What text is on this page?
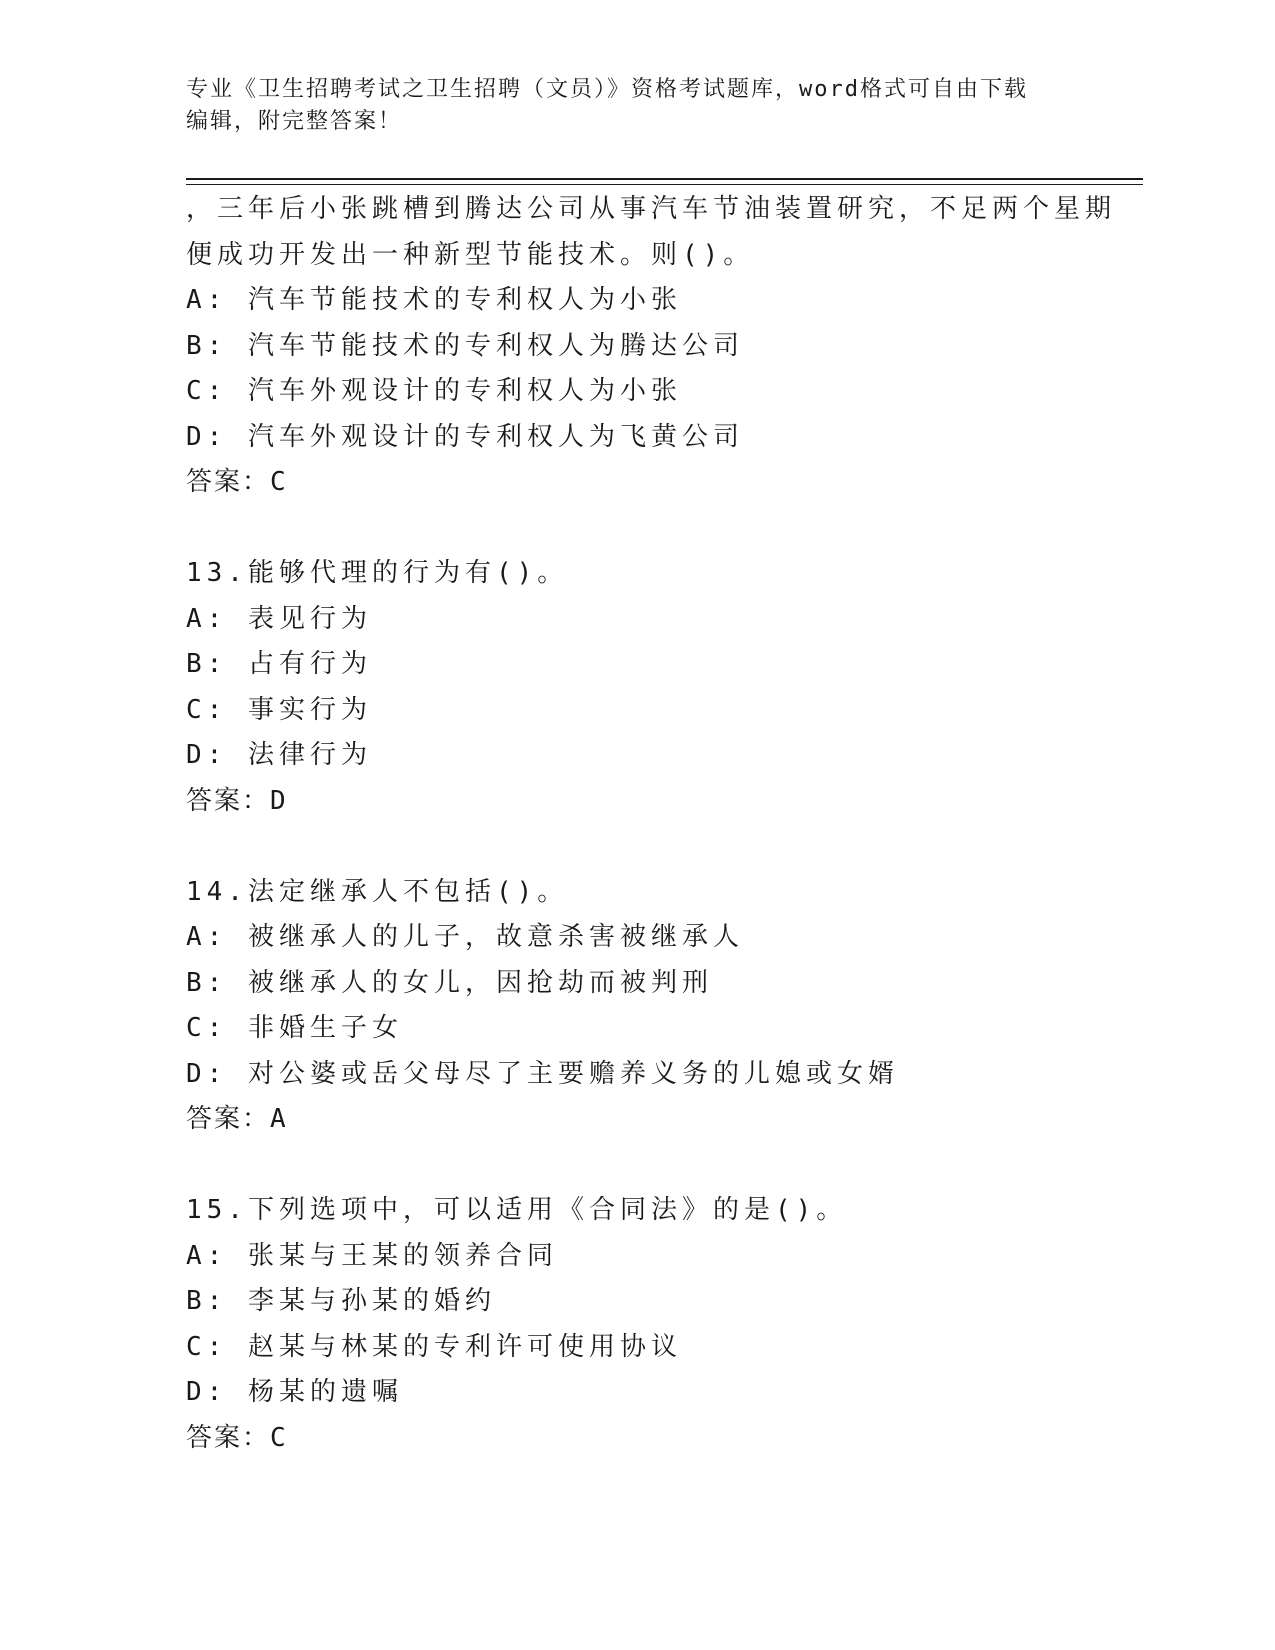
专业《卫生招聘考试之卫生招聘（文员）》资格考试题库，word格式可自由下载
编辑，附完整答案！
，三年后小张跳槽到腾达公司从事汽车节油装置研究，不足两个星期
便成功开发出一种新型节能技术。则()。
A: 汽车节能技术的专利权人为小张
B: 汽车节能技术的专利权人为腾达公司
C: 汽车外观设计的专利权人为小张
D: 汽车外观设计的专利权人为飞黄公司
答案：C
13.能够代理的行为有()。
A: 表见行为
B: 占有行为
C: 事实行为
D: 法律行为
答案：D
14.法定继承人不包括()。
A: 被继承人的儿子，故意杀害被继承人
B: 被继承人的女儿，因抢劫而被判刑
C: 非婚生子女
D: 对公婆或岳父母尽了主要赡养义务的儿媳或女婿
答案：A
15.下列选项中，可以适用《合同法》的是()。
A: 张某与王某的领养合同
B: 李某与孙某的婚约
C: 赵某与林某的专利许可使用协议
D: 杨某的遗嘱
答案：C
